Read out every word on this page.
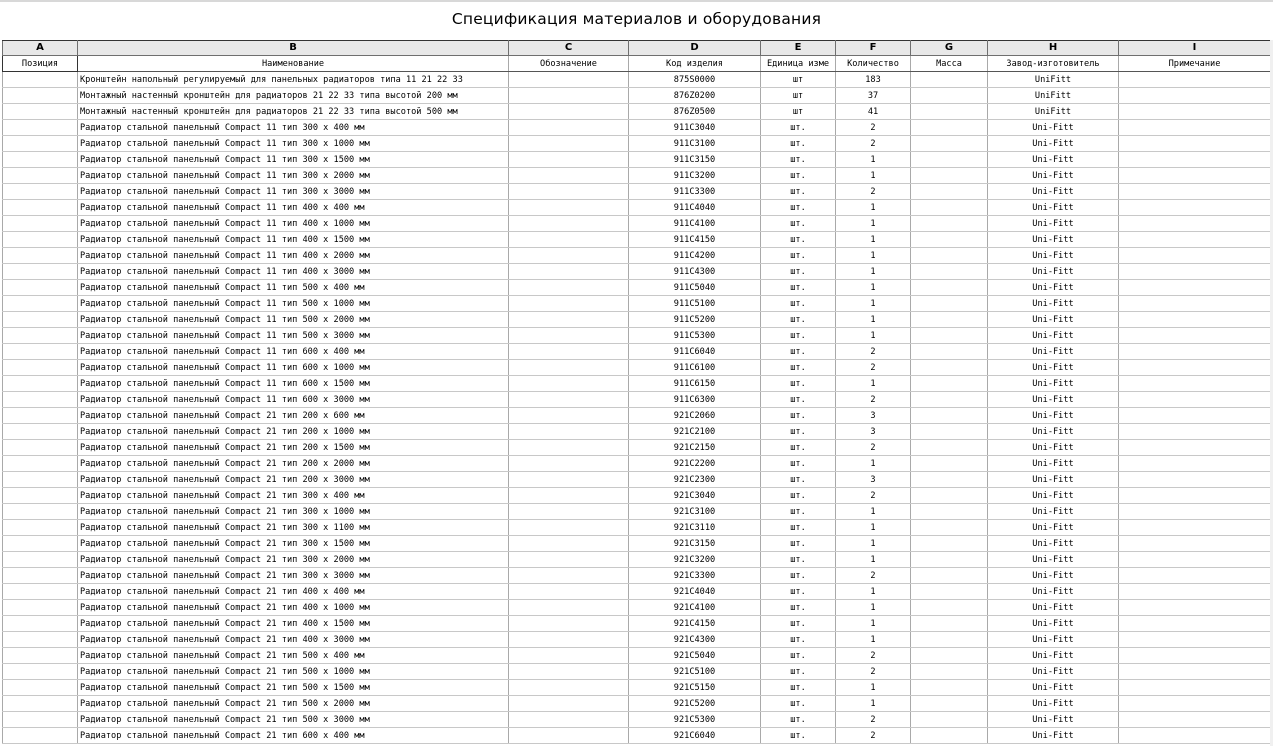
Спецификация материалов и оборудования
A	B	C	D	E	F	G	H	I
Позиция	Наименование	Обозначение	Код изделия	Единица изме	Количество	Масса	Завод-изготовитель	Примечание
	Кронштейн напольный регулируемый для панельных радиаторов типа 11 21 22 33		875S0000	шт	183		UniFitt	
	Монтажный настенный кронштейн для радиаторов 21 22 33 типа высотой 200 мм		876Z0200	шт	37		UniFitt	
	Монтажный настенный кронштейн для радиаторов 21 22 33 типа высотой 500 мм		876Z0500	шт	41		UniFitt	
	Радиатор стальной панельный Compact 11 тип 300 х 400 мм		911C3040	шт.	2		Uni-Fitt	
	Радиатор стальной панельный Compact 11 тип 300 х 1000 мм		911C3100	шт.	2		Uni-Fitt	
	Радиатор стальной панельный Compact 11 тип 300 х 1500 мм		911C3150	шт.	1		Uni-Fitt	
	Радиатор стальной панельный Compact 11 тип 300 х 2000 мм		911C3200	шт.	1		Uni-Fitt	
	Радиатор стальной панельный Compact 11 тип 300 х 3000 мм		911C3300	шт.	2		Uni-Fitt	
	Радиатор стальной панельный Compact 11 тип 400 х 400 мм		911C4040	шт.	1		Uni-Fitt	
	Радиатор стальной панельный Compact 11 тип 400 х 1000 мм		911C4100	шт.	1		Uni-Fitt	
	Радиатор стальной панельный Compact 11 тип 400 х 1500 мм		911C4150	шт.	1		Uni-Fitt	
	Радиатор стальной панельный Compact 11 тип 400 х 2000 мм		911C4200	шт.	1		Uni-Fitt	
	Радиатор стальной панельный Compact 11 тип 400 х 3000 мм		911C4300	шт.	1		Uni-Fitt	
	Радиатор стальной панельный Compact 11 тип 500 х 400 мм		911C5040	шт.	1		Uni-Fitt	
	Радиатор стальной панельный Compact 11 тип 500 х 1000 мм		911C5100	шт.	1		Uni-Fitt	
	Радиатор стальной панельный Compact 11 тип 500 х 2000 мм		911C5200	шт.	1		Uni-Fitt	
	Радиатор стальной панельный Compact 11 тип 500 х 3000 мм		911C5300	шт.	1		Uni-Fitt	
	Радиатор стальной панельный Compact 11 тип 600 х 400 мм		911C6040	шт.	2		Uni-Fitt	
	Радиатор стальной панельный Compact 11 тип 600 х 1000 мм		911C6100	шт.	2		Uni-Fitt	
	Радиатор стальной панельный Compact 11 тип 600 х 1500 мм		911C6150	шт.	1		Uni-Fitt	
	Радиатор стальной панельный Compact 11 тип 600 х 3000 мм		911C6300	шт.	2		Uni-Fitt	
	Радиатор стальной панельный Compact 21 тип 200 х 600 мм		921C2060	шт.	3		Uni-Fitt	
	Радиатор стальной панельный Compact 21 тип 200 х 1000 мм		921C2100	шт.	3		Uni-Fitt	
	Радиатор стальной панельный Compact 21 тип 200 х 1500 мм		921C2150	шт.	2		Uni-Fitt	
	Радиатор стальной панельный Compact 21 тип 200 х 2000 мм		921C2200	шт.	1		Uni-Fitt	
	Радиатор стальной панельный Compact 21 тип 200 х 3000 мм		921C2300	шт.	3		Uni-Fitt	
	Радиатор стальной панельный Compact 21 тип 300 х 400 мм		921C3040	шт.	2		Uni-Fitt	
	Радиатор стальной панельный Compact 21 тип 300 х 1000 мм		921C3100	шт.	1		Uni-Fitt	
	Радиатор стальной панельный Compact 21 тип 300 х 1100 мм		921C3110	шт.	1		Uni-Fitt	
	Радиатор стальной панельный Compact 21 тип 300 х 1500 мм		921C3150	шт.	1		Uni-Fitt	
	Радиатор стальной панельный Compact 21 тип 300 х 2000 мм		921C3200	шт.	1		Uni-Fitt	
	Радиатор стальной панельный Compact 21 тип 300 х 3000 мм		921C3300	шт.	2		Uni-Fitt	
	Радиатор стальной панельный Compact 21 тип 400 х 400 мм		921C4040	шт.	1		Uni-Fitt	
	Радиатор стальной панельный Compact 21 тип 400 х 1000 мм		921C4100	шт.	1		Uni-Fitt	
	Радиатор стальной панельный Compact 21 тип 400 х 1500 мм		921C4150	шт.	1		Uni-Fitt	
	Радиатор стальной панельный Compact 21 тип 400 х 3000 мм		921C4300	шт.	1		Uni-Fitt	
	Радиатор стальной панельный Compact 21 тип 500 х 400 мм		921C5040	шт.	2		Uni-Fitt	
	Радиатор стальной панельный Compact 21 тип 500 х 1000 мм		921C5100	шт.	2		Uni-Fitt	
	Радиатор стальной панельный Compact 21 тип 500 х 1500 мм		921C5150	шт.	1		Uni-Fitt	
	Радиатор стальной панельный Compact 21 тип 500 х 2000 мм		921C5200	шт.	1		Uni-Fitt	
	Радиатор стальной панельный Compact 21 тип 500 х 3000 мм		921C5300	шт.	2		Uni-Fitt	
	Радиатор стальной панельный Compact 21 тип 600 х 400 мм		921C6040	шт.	2		Uni-Fitt	
